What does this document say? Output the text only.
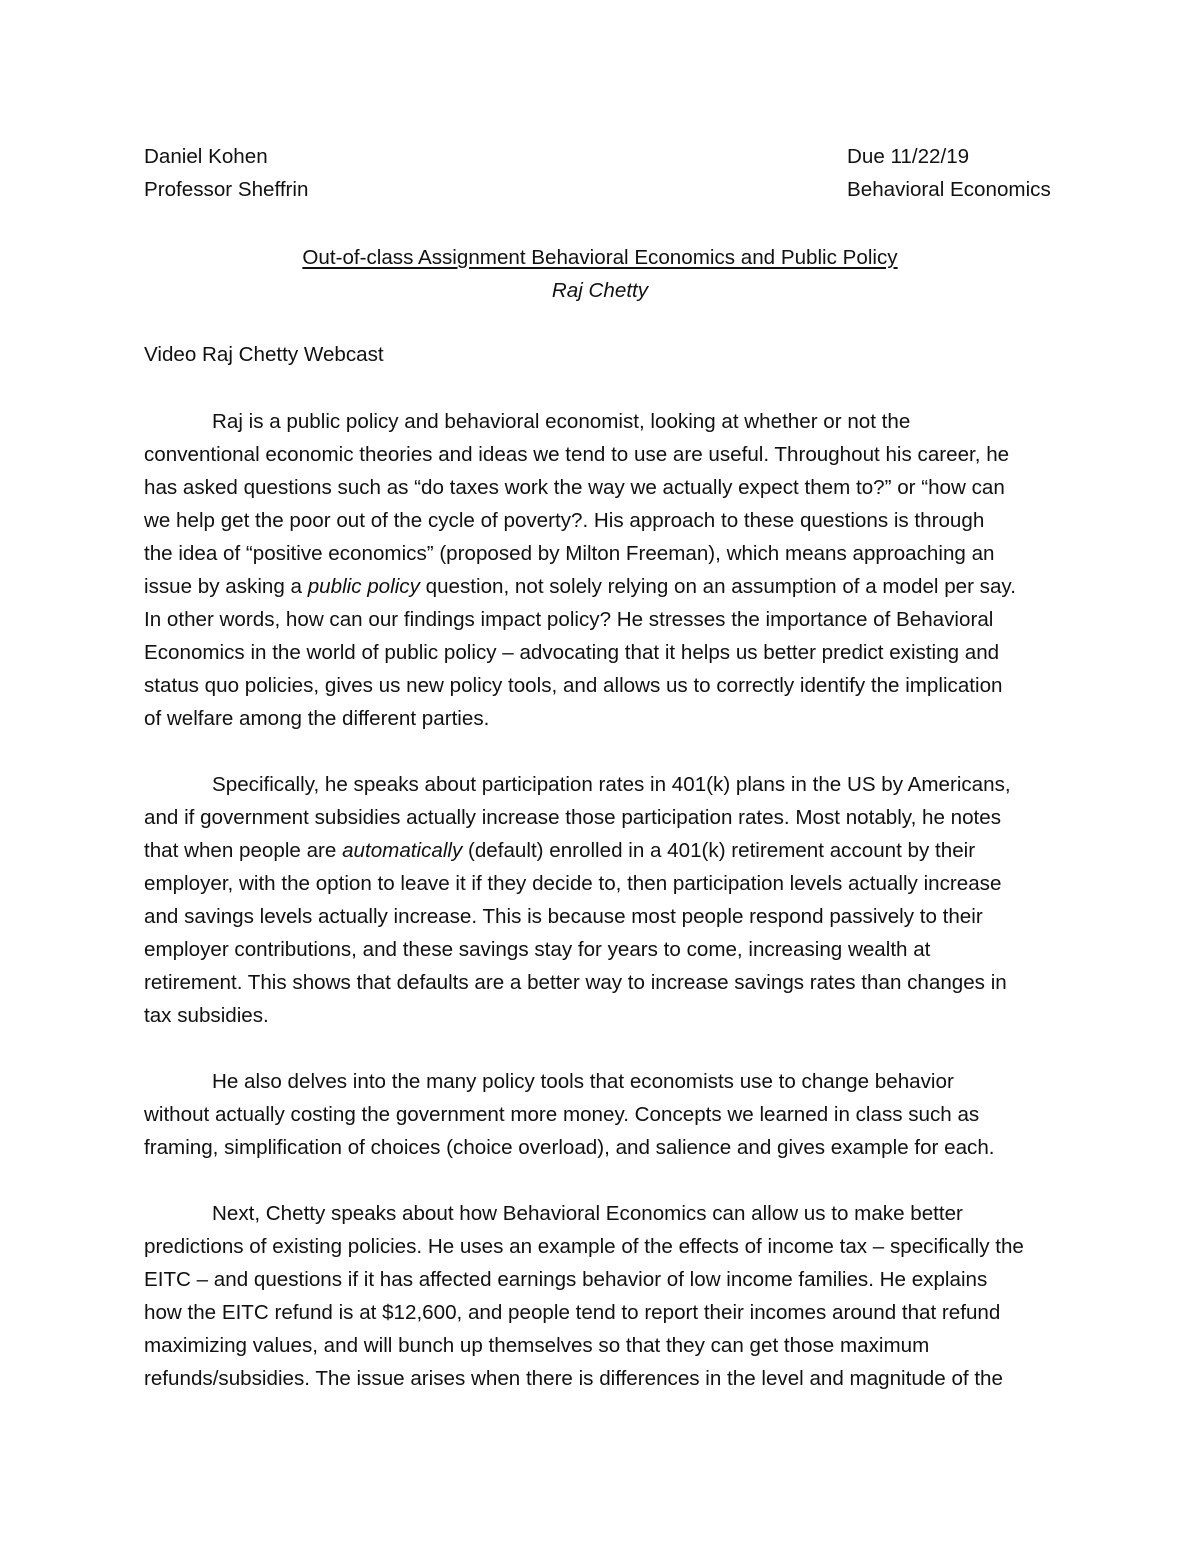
Daniel Kohen
Professor Sheffrin
Due 11/22/19
Behavioral Economics
Out-of-class Assignment Behavioral Economics and Public Policy
Raj Chetty
Video Raj Chetty Webcast
Raj is a public policy and behavioral economist, looking at whether or not the
conventional economic theories and ideas we tend to use are useful. Throughout his career, he
has asked questions such as “do taxes work the way we actually expect them to?” or “how can
we help get the poor out of the cycle of poverty?. His approach to these questions is through
the idea of “positive economics” (proposed by Milton Freeman), which means approaching an
issue by asking a public policy question, not solely relying on an assumption of a model per say.
In other words, how can our findings impact policy? He stresses the importance of Behavioral
Economics in the world of public policy – advocating that it helps us better predict existing and
status quo policies, gives us new policy tools, and allows us to correctly identify the implication
of welfare among the different parties.
Specifically, he speaks about participation rates in 401(k) plans in the US by Americans,
and if government subsidies actually increase those participation rates. Most notably, he notes
that when people are automatically (default) enrolled in a 401(k) retirement account by their
employer, with the option to leave it if they decide to, then participation levels actually increase
and savings levels actually increase. This is because most people respond passively to their
employer contributions, and these savings stay for years to come, increasing wealth at
retirement. This shows that defaults are a better way to increase savings rates than changes in
tax subsidies.
He also delves into the many policy tools that economists use to change behavior
without actually costing the government more money. Concepts we learned in class such as
framing, simplification of choices (choice overload), and salience and gives example for each.
Next, Chetty speaks about how Behavioral Economics can allow us to make better
predictions of existing policies. He uses an example of the effects of income tax – specifically the
EITC – and questions if it has affected earnings behavior of low income families. He explains
how the EITC refund is at $12,600, and people tend to report their incomes around that refund
maximizing values, and will bunch up themselves so that they can get those maximum
refunds/subsidies. The issue arises when there is differences in the level and magnitude of the
